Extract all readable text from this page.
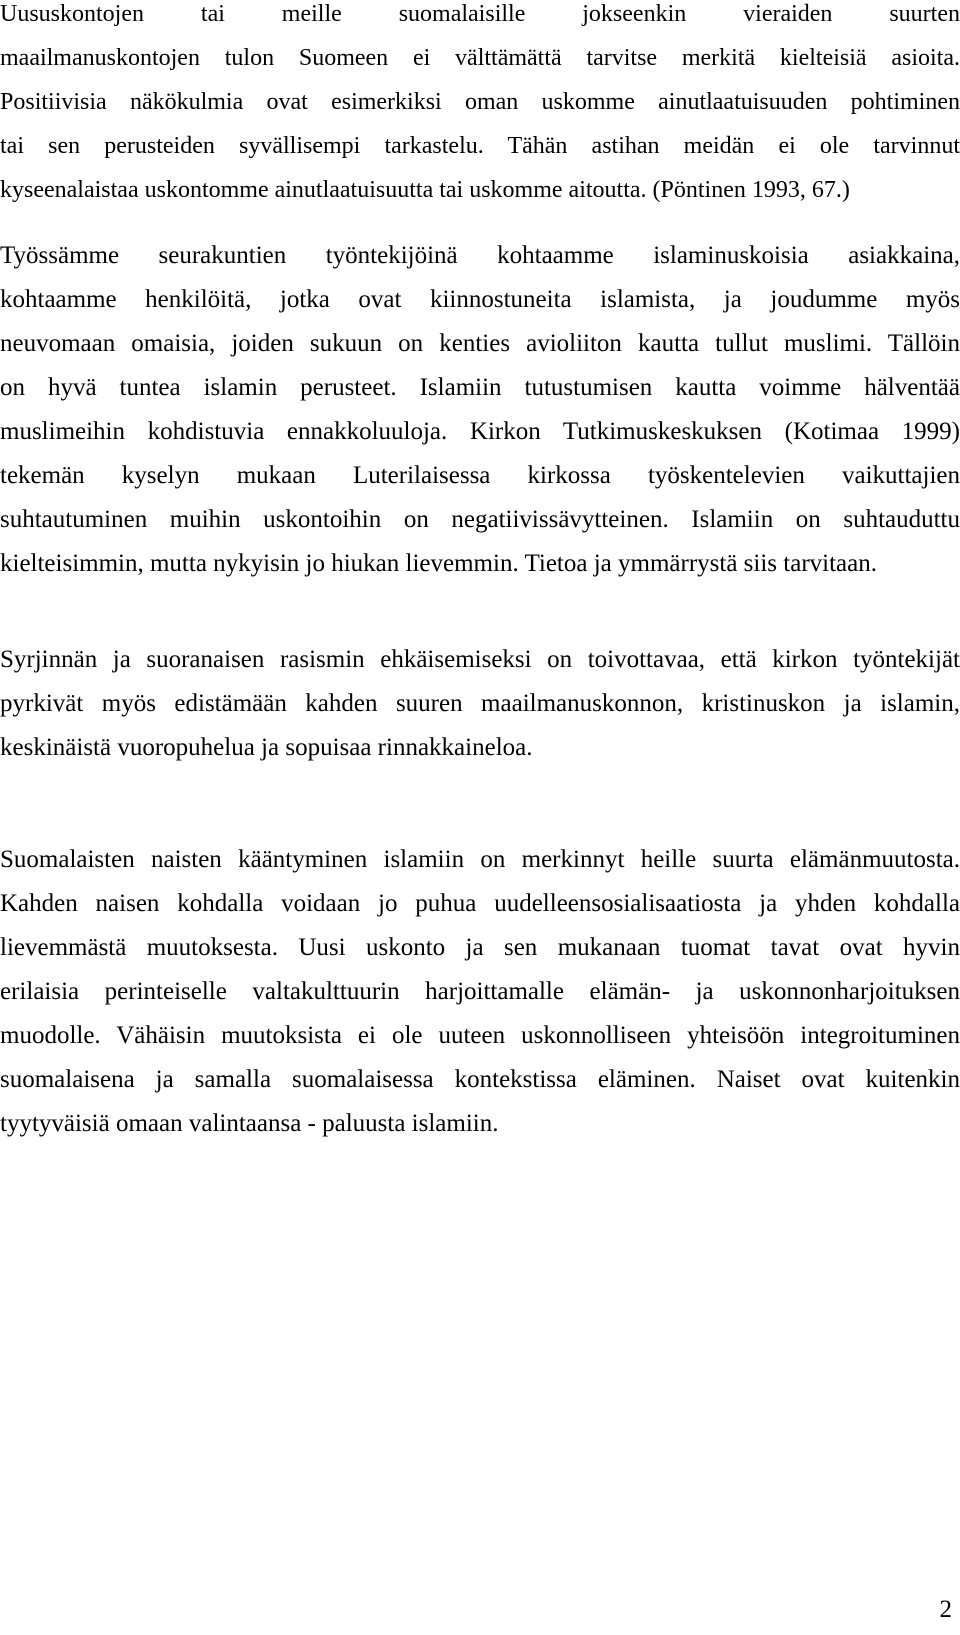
Uususkontojen tai meille suomalaisille jokseenkin vieraiden suurten
maailmanuskontojen tulon Suomeen ei välttämättä tarvitse merkitä kielteisiä asioita.
Positiivisia näkökulmia ovat esimerkiksi oman uskomme ainutlaatuisuuden pohtiminen
tai sen perusteiden syvällisempi tarkastelu. Tähän astihan meidän ei ole tarvinnut
kyseenalaistaa uskontomme ainutlaatuisuutta tai uskomme aitoutta. (Pöntinen 1993, 67.)
Työssämme seurakuntien työntekijöinä kohtaamme islaminuskoisia asiakkaina,
kohtaamme henkilöitä, jotka ovat kiinnostuneita islamista, ja joudumme myös
neuvomaan omaisia, joiden sukuun on kenties avioliiton kautta tullut muslimi. Tällöin
on hyvä tuntea islamin perusteet. Islamiin tutustumisen kautta voimme hälventää
muslimeihin kohdistuvia ennakkoluuloja. Kirkon Tutkimuskeskuksen (Kotimaa 1999)
tekemän kyselyn mukaan Luterilaisessa kirkossa työskentelevien vaikuttajien
suhtautuminen muihin uskontoihin on negatiivissävytteinen. Islamiin on suhtauduttu
kielteisimmin, mutta nykyisin jo hiukan lievemmin. Tietoa ja ymmärrystä siis tarvitaan.
Syrjinnän ja suoranaisen rasismin ehkäisemiseksi on toivottavaa, että kirkon työntekijät
pyrkivät myös edistämään kahden suuren maailmanuskonnon, kristinuskon ja islamin,
keskinäistä vuoropuhelua ja sopuisaa rinnakkaineloa.
Suomalaisten naisten kääntyminen islamiin on merkinnyt heille suurta elämänmuutosta.
Kahden naisen kohdalla voidaan jo puhua uudelleensosialisaatiosta ja yhden kohdalla
lievemmästä muutoksesta. Uusi uskonto ja sen mukanaan tuomat tavat ovat hyvin
erilaisia perinteiselle valtakulttuurin harjoittamalle elämän- ja uskonnonharjoituksen
muodolle. Vähäisin muutoksista ei ole uuteen uskonnolliseen yhteisöön integroituminen
suomalaisena ja samalla suomalaisessa kontekstissa eläminen. Naiset ovat kuitenkin
tyytyväisiä omaan valintaansa - paluusta islamiin.
2
